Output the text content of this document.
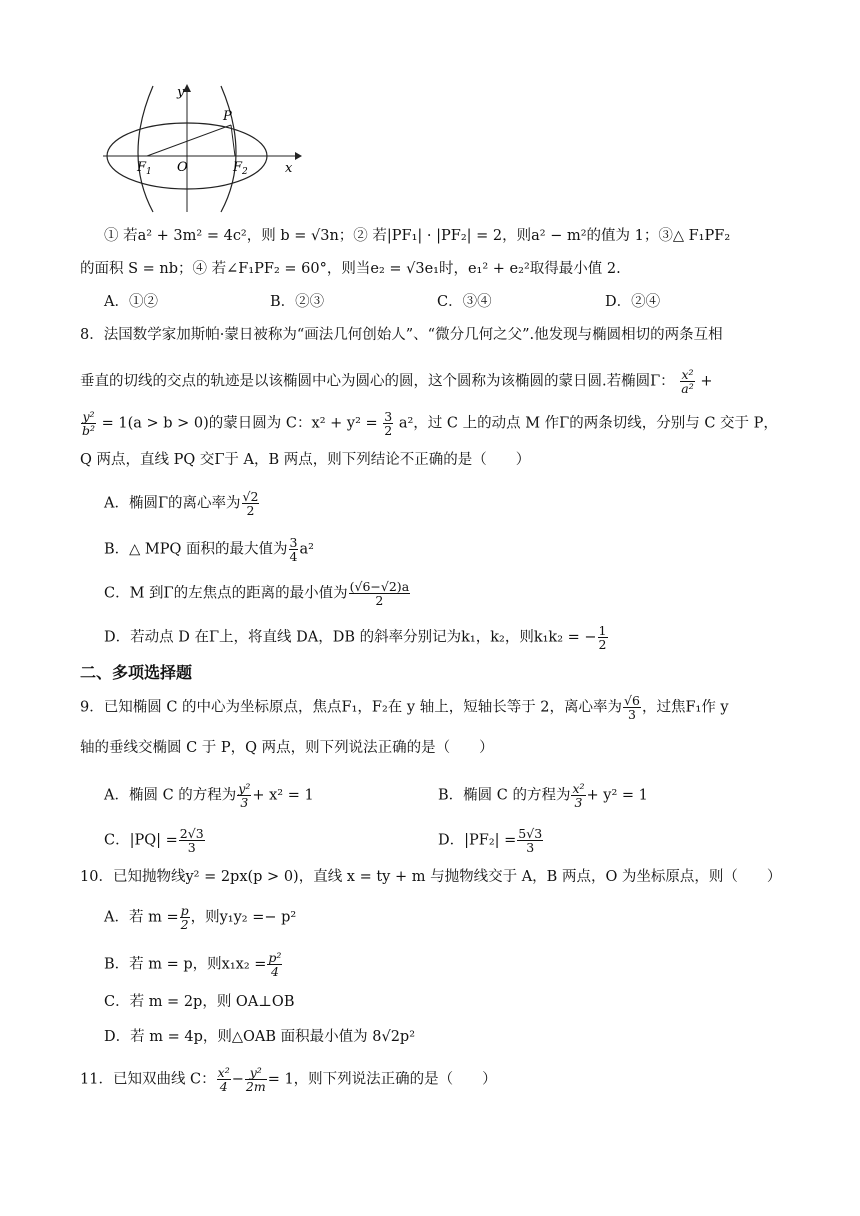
y
x
P
O
$F_1$	$F_2$
① 若a² + 3m² = 4c²，则 b = √3n；② 若|PF₁| · |PF₂| = 2，则a² − m²的值为 1；③△ F₁PF₂
的面积 S = nb；④ 若∠F₁PF₂ = 60°，则当e₂ = √3e₁时，e₁² + e₂²取得最小值 2.
A．①②	B．②③	C．③④	D．②④
8．法国数学家加斯帕·蒙日被称为“画法几何创始人”、“微分几何之父”.他发现与椭圆相切的两条互相
垂直的切线的交点的轨迹是以该椭圆中心为圆心的圆，这个圆称为该椭圆的蒙日圆.若椭圆Γ： $\frac{\text{x²}}{\text{a²}}$ +
$\frac{\text{y²}}{\text{b²}} = 1(a > b > 0)$的蒙日圆为 C：$x^2 + y^2 = \frac{3}{2} a^2$，过 C 上的动点 M 作Γ的两条切线，分别与 C 交于 P，
Q 两点，直线 PQ 交Γ于 A，B 两点，则下列结论不正确的是（　　）
A．椭圆Γ的离心率为 $\frac{√2}{2}$
B．△ MPQ 面积的最大值为 $\frac{3}{4} a^2$
C．M 到Γ的左焦点的距离的最小值为 $\frac{(√6-√2)a}{2}$
D．若动点 D 在Γ上，将直线 DA，DB 的斜率分别记为k₁，k₂，则k₁k₂ = − $\frac{1}{2}$
二、多项选择题
9．已知椭圆 C 的中心为坐标原点，焦点F₁，F₂在 y 轴上，短轴长等于 2，离心率为 $\frac{√6}{3}$ ，过焦F₁作 y
轴的垂线交椭圆 C 于 P，Q 两点，则下列说法正确的是（　　）
A．椭圆 C 的方程为 $\frac{\text{y²}}{3} + x^2 = 1$	B．椭圆 C 的方程为 $\frac{\text{x²}}{3} + y^2 = 1$
C．$|PQ| = \frac{2√3}{3}$	D．$|PF_2| = \frac{5√3}{3}$
10．已知抛物线y² = 2px(p > 0)，直线 x = ty + m 与抛物线交于 A，B 两点，O 为坐标原点，则（　　）
A．若 $m = \frac{p}{2}$ ，则y₁y₂ =− p²
B．若 m = p，则$x_1x_2 = \frac{\text{p²}}{4}$
C．若 m = 2p，则 OA⊥OB
D．若 m = 4p，则△OAB 面积最小值为 8√2p²
11．已知双曲线 C： $\frac{\text{x²}}{4} - \frac{\text{y²}}{2m} = 1$，则下列说法正确的是（　　）
